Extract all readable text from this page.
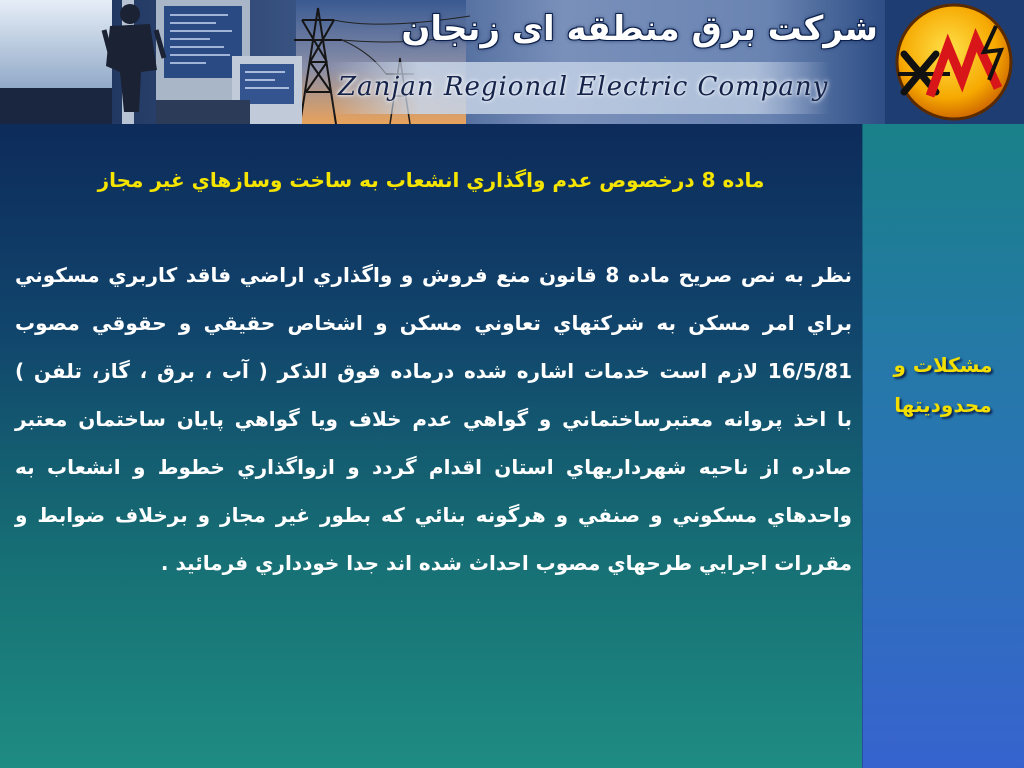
شرکت برق منطقه ای زنجان
Zanjan Regional Electric Company
ماده 8 درخصوص عدم واگذاري انشعاب به ساخت وسازهاي غير مجاز
نظر به نص صريح ماده 8 قانون منع فروش و واگذاري اراضي فاقد كاربري مسكوني
براي امر مسكن به شركتهاي تعاوني مسكن و اشخاص حقيقي و حقوقي مصوب
16/5/81 لازم است خدمات اشاره شده درماده فوق الذكر ( آب ، برق ، گاز، تلفن )
با اخذ پروانه معتبرساختماني و گواهي عدم خلاف ويا گواهي پايان ساختمان معتبر
صادره از ناحيه شهرداريهاي استان اقدام گردد و ازواگذاري خطوط و انشعاب به
واحدهاي مسكوني و صنفي و هرگونه بنائي كه بطور غير مجاز و برخلاف ضوابط و
مقررات اجرايي طرحهاي مصوب احداث شده اند جدا خودداري فرمائيد .
مشكلات و
محدوديتها
